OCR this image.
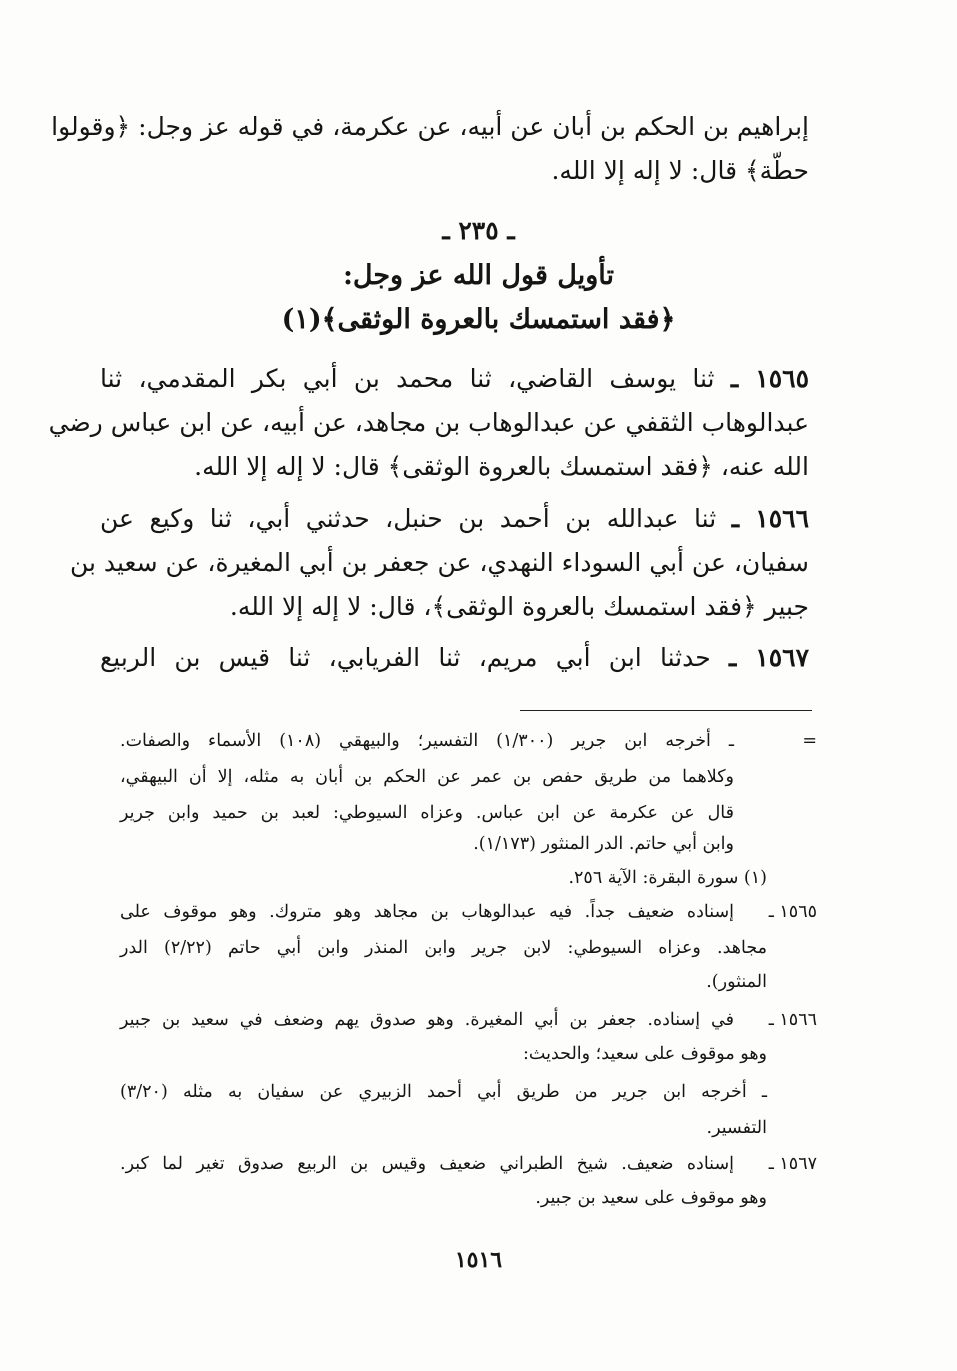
إبراهيم بن الحكم بن أبان عن أبيه، عن عكرمة، في قوله عز وجل: ﴿وقولوا
حطّة﴾ قال: لا إله إلا الله.
ـ ٢٣٥ ـ
تأويل قول الله عز وجل:
﴿فقد استمسك بالعروة الوثقى﴾(١)
١٥٦٥ ـ ثنا يوسف القاضي، ثنا محمد بن أبي بكر المقدمي، ثنا
عبدالوهاب الثقفي عن عبدالوهاب بن مجاهد، عن أبيه، عن ابن عباس رضي
الله عنه، ﴿فقد استمسك بالعروة الوثقى﴾ قال: لا إله إلا الله.
١٥٦٦ ـ ثنا عبدالله بن أحمد بن حنبل، حدثني أبي، ثنا وكيع عن
سفيان، عن أبي السوداء النهدي، عن جعفر بن أبي المغيرة، عن سعيد بن
جبير ﴿فقد استمسك بالعروة الوثقى﴾، قال: لا إله إلا الله.
١٥٦٧ ـ حدثنا ابن أبي مريم، ثنا الفريابي، ثنا قيس بن الربيع
=
ـ أخرجه ابن جرير (١/٣٠٠) التفسير؛ والبيهقي (١٠٨) الأسماء والصفات.
وكلاهما من طريق حفص بن عمر عن الحكم بن أبان به مثله، إلا أن البيهقي،
قال عن عكرمة عن ابن عباس. وعزاه السيوطي: لعبد بن حميد وابن جرير
وابن أبي حاتم. الدر المنثور (١/١٧٣).
(١) سورة البقرة: الآية ٢٥٦.
١٥٦٥ ـ
إسناده ضعيف جداً. فيه عبدالوهاب بن مجاهد وهو متروك. وهو موقوف على
مجاهد. وعزاه السيوطي: لابن جرير وابن المنذر وابن أبي حاتم (٢/٢٢) الدر
المنثور).
١٥٦٦ ـ
في إسناده. جعفر بن أبي المغيرة. وهو صدوق يهم وضعف في سعيد بن جبير
وهو موقوف على سعيد؛ والحديث:
ـ أخرجه ابن جرير من طريق أبي أحمد الزبيري عن سفيان به مثله (٣/٢٠)
التفسير.
١٥٦٧ ـ
إسناده ضعيف. شيخ الطبراني ضعيف وقيس بن الربيع صدوق تغير لما كبر.
وهو موقوف على سعيد بن جبير.
١٥١٦
